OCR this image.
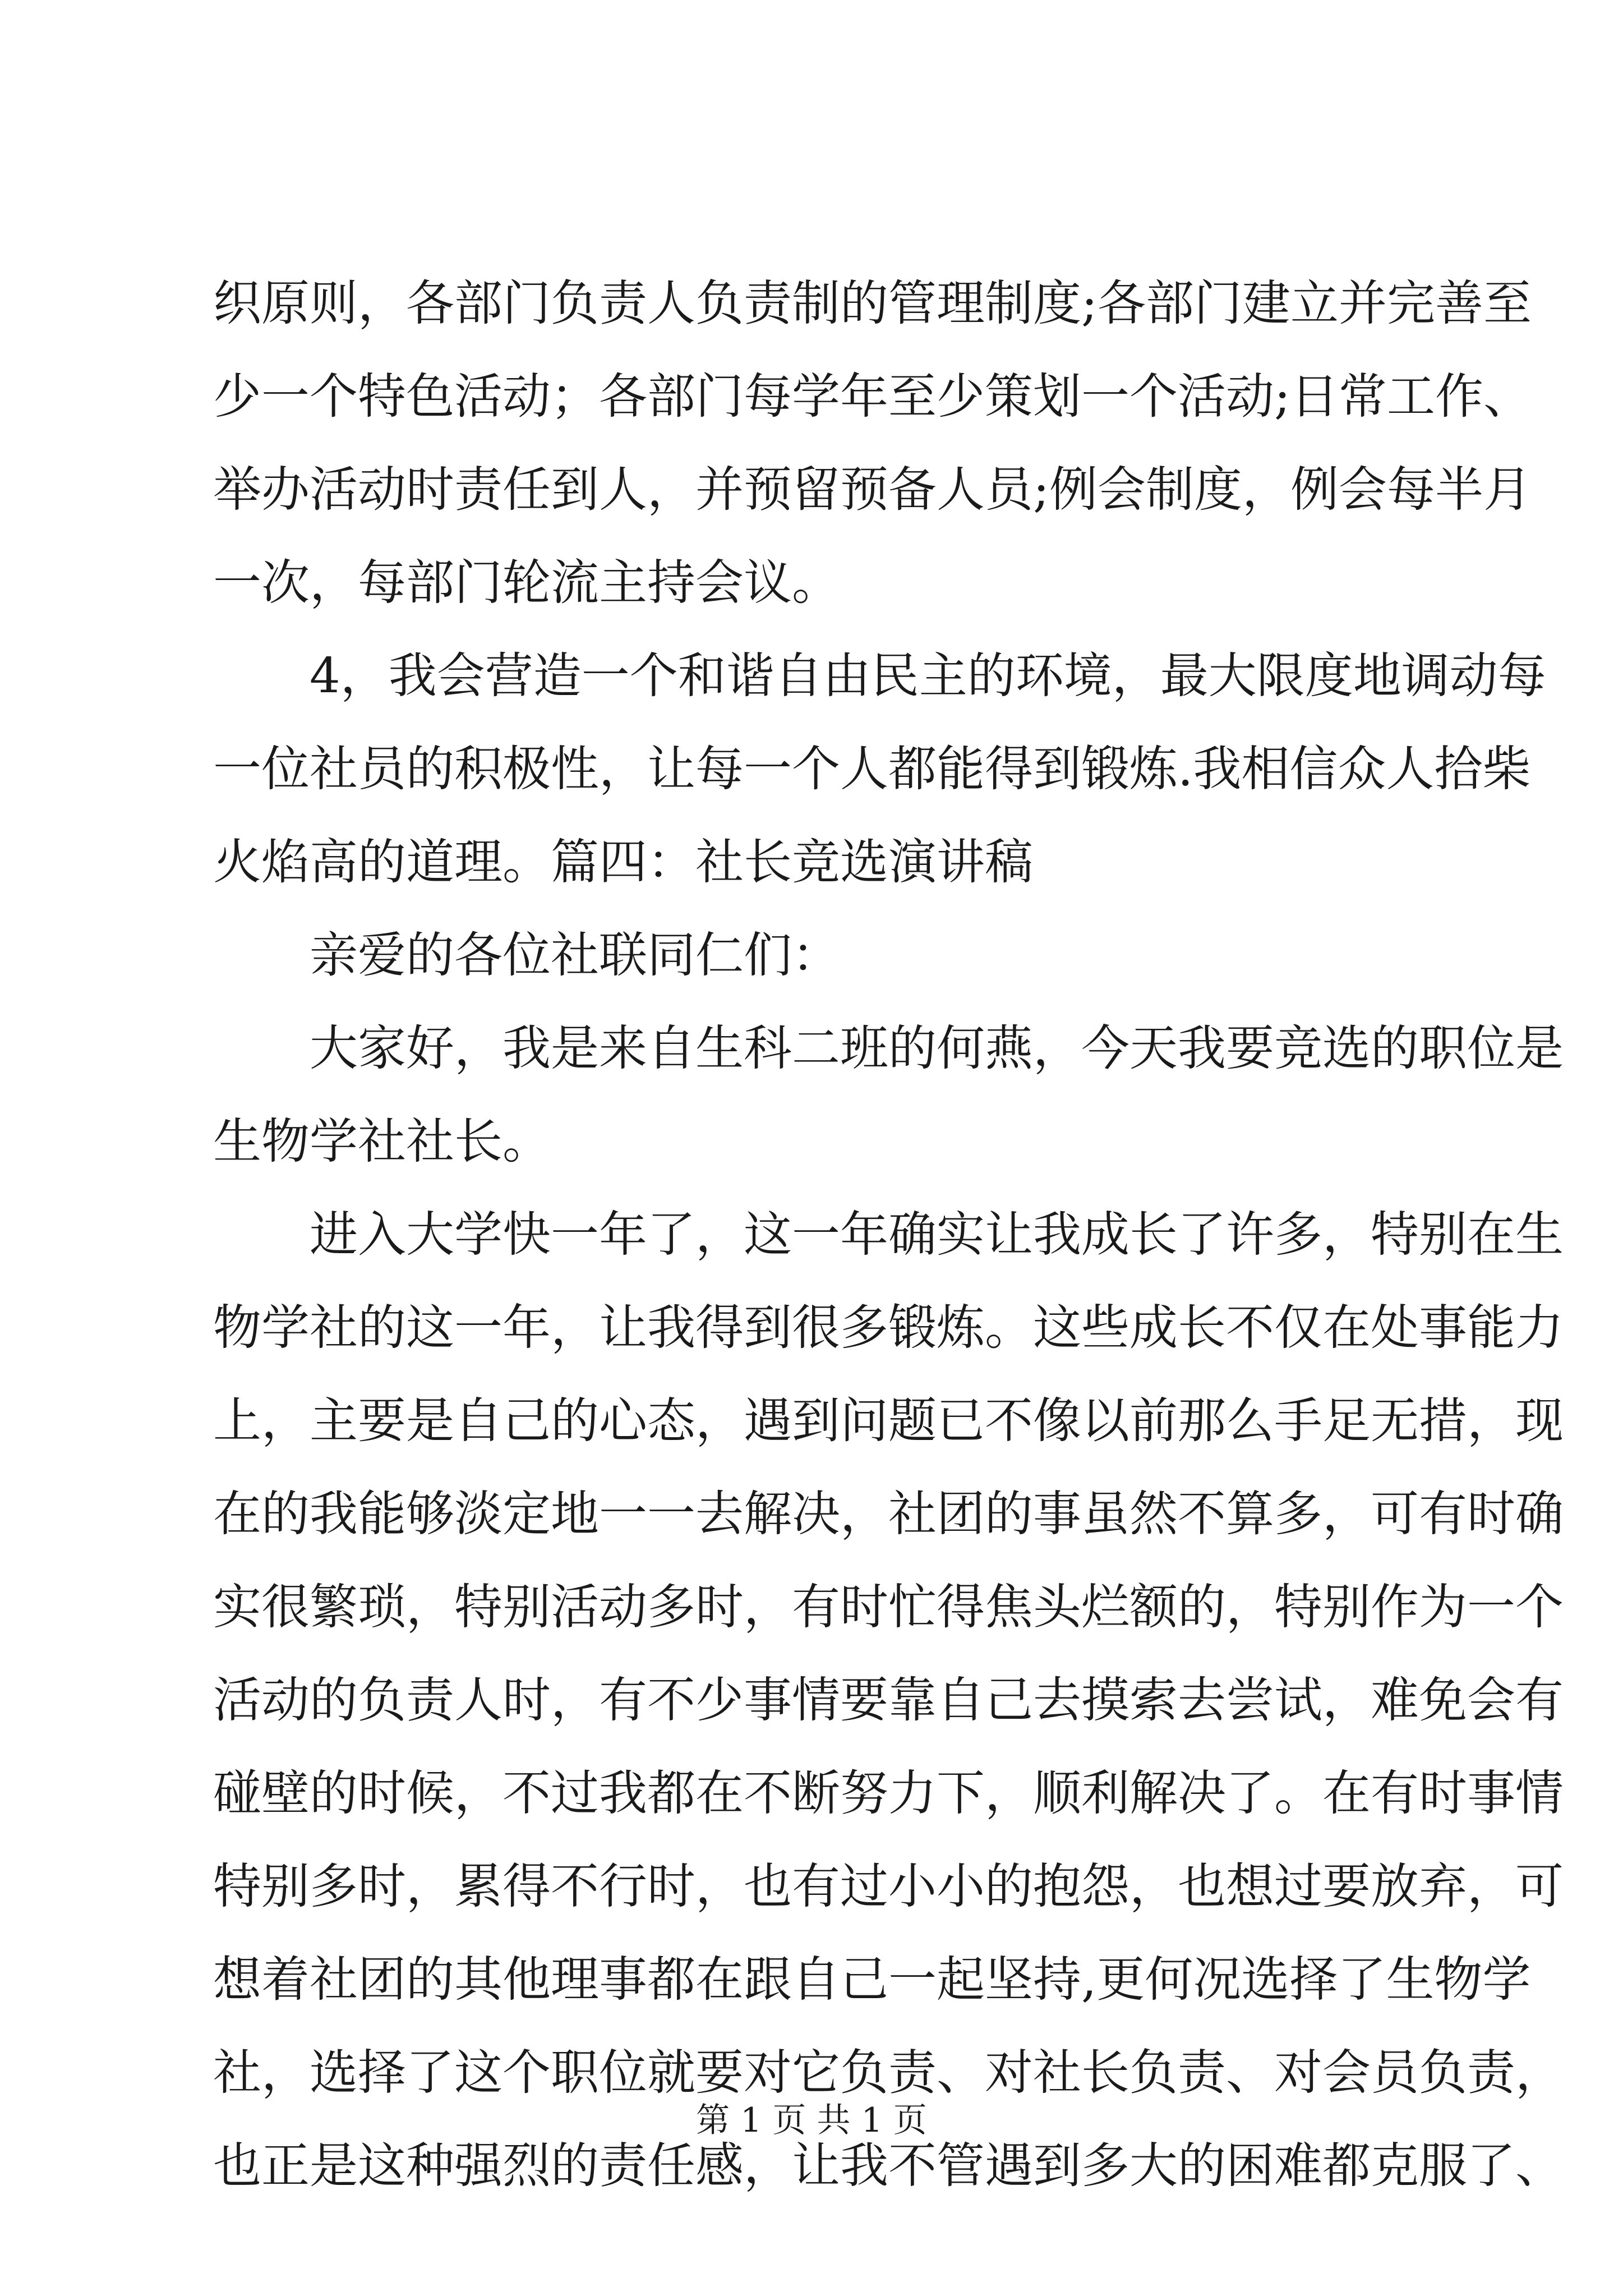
织原则，各部门负责人负责制的管理制度;各部门建立并完善至
少一个特色活动；各部门每学年至少策划一个活动;日常工作、
举办活动时责任到人，并预留预备人员;例会制度，例会每半月
一次，每部门轮流主持会议。
4，我会营造一个和谐自由民主的环境，最大限度地调动每
一位社员的积极性，让每一个人都能得到锻炼.我相信众人拾柴
火焰高的道理。篇四：社长竞选演讲稿
亲爱的各位社联同仁们：
大家好，我是来自生科二班的何燕，今天我要竞选的职位是
生物学社社长。
进入大学快一年了，这一年确实让我成长了许多，特别在生
物学社的这一年，让我得到很多锻炼。这些成长不仅在处事能力
上，主要是自己的心态，遇到问题已不像以前那么手足无措，现
在的我能够淡定地一一去解决，社团的事虽然不算多，可有时确
实很繁琐，特别活动多时，有时忙得焦头烂额的，特别作为一个
活动的负责人时，有不少事情要靠自己去摸索去尝试，难免会有
碰壁的时候，不过我都在不断努力下，顺利解决了。在有时事情
特别多时，累得不行时，也有过小小的抱怨，也想过要放弃，可
想着社团的其他理事都在跟自己一起坚持,更何况选择了生物学
社，选择了这个职位就要对它负责、对社长负责、对会员负责，
也正是这种强烈的责任感，让我不管遇到多大的困难都克服了、
第 1 页 共 1 页
